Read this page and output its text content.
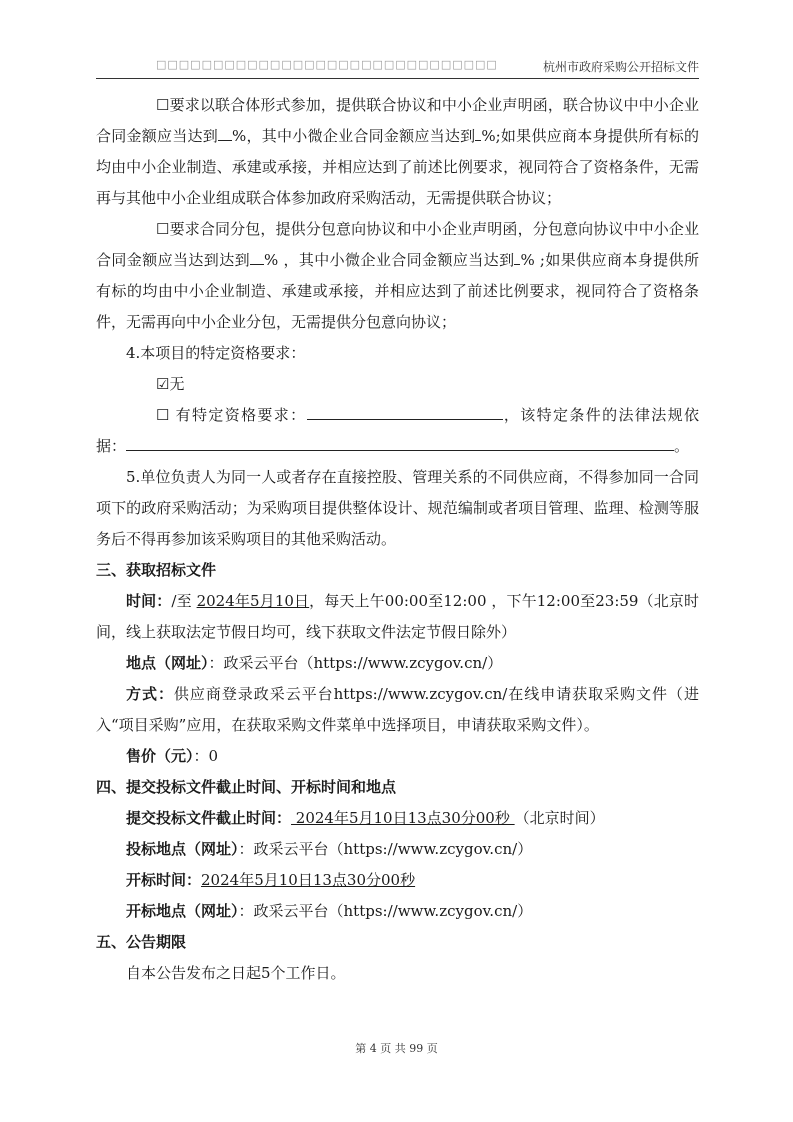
□□□□□□□□□□□□□□□□□□□□□□□□□□□□□□	杭州市政府采购公开招标文件

☐要求以联合体形式参加，提供联合协议和中小企业声明函，联合协议中中小企业合同金额应当达到 %，其中小微企业合同金额应当达到 %;如果供应商本身提供所有标的均由中小企业制造、承建或承接，并相应达到了前述比例要求，视同符合了资格条件，无需再与其他中小企业组成联合体参加政府采购活动，无需提供联合协议；

☐要求合同分包，提供分包意向协议和中小企业声明函，分包意向协议中中小企业合同金额应当达到达到 % ，其中小微企业合同金额应当达到 % ;如果供应商本身提供所有标的均由中小企业制造、承建或承接，并相应达到了前述比例要求，视同符合了资格条件，无需再向中小企业分包，无需提供分包意向协议；

4.本项目的特定资格要求：

☑无

☐ 有特定资格要求：	，该特定条件的法律法规依据：	。

5.单位负责人为同一人或者存在直接控股、管理关系的不同供应商，不得参加同一合同项下的政府采购活动；为采购项目提供整体设计、规范编制或者项目管理、监理、检测等服务后不得再参加该采购项目的其他采购活动。

三、获取招标文件

时间：/至 2024年5月10日，每天上午00:00至12:00 ，下午12:00至23:59（北京时间，线上获取法定节假日均可，线下获取文件法定节假日除外）

地点（网址）：政采云平台（https://www.zcygov.cn/）

方式：供应商登录政采云平台https://www.zcygov.cn/在线申请获取采购文件（进入“项目采购”应用，在获取采购文件菜单中选择项目，申请获取采购文件）。

售价（元）：0

四、提交投标文件截止时间、开标时间和地点

提交投标文件截止时间： 2024年5月10日13点30分00秒 （北京时间）

投标地点（网址）：政采云平台（https://www.zcygov.cn/）

开标时间：2024年5月10日13点30分00秒

开标地点（网址）：政采云平台（https://www.zcygov.cn/）

五、公告期限

自本公告发布之日起5个工作日。

第 4 页 共 99 页
